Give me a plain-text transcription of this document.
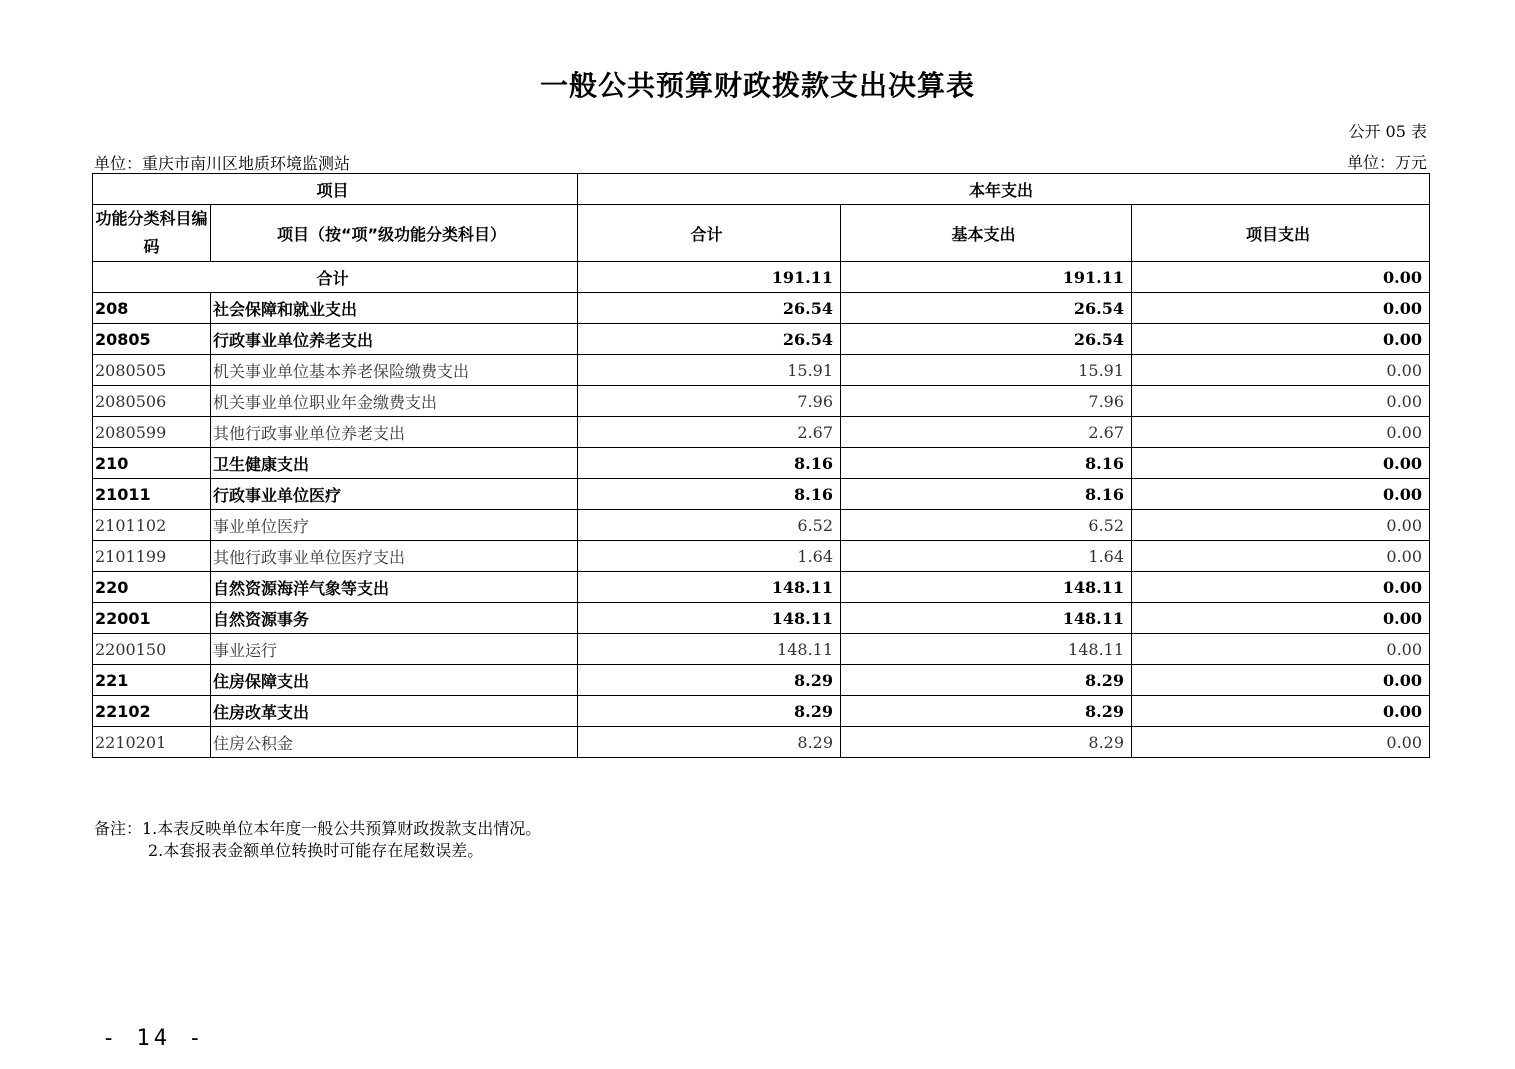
一般公共预算财政拨款支出决算表
公开 05 表
单位：重庆市南川区地质环境监测站	单位：万元
项目		本年支出		
功能分类科目编码	项目（按“项”级功能分类科目）	合计	基本支出	项目支出
合计		191.11	191.11	0.00
208	社会保障和就业支出	26.54	26.54	0.00
20805	行政事业单位养老支出	26.54	26.54	0.00
2080505	机关事业单位基本养老保险缴费支出	15.91	15.91	0.00
2080506	机关事业单位职业年金缴费支出	7.96	7.96	0.00
2080599	其他行政事业单位养老支出	2.67	2.67	0.00
210	卫生健康支出	8.16	8.16	0.00
21011	行政事业单位医疗	8.16	8.16	0.00
2101102	事业单位医疗	6.52	6.52	0.00
2101199	其他行政事业单位医疗支出	1.64	1.64	0.00
220	自然资源海洋气象等支出	148.11	148.11	0.00
22001	自然资源事务	148.11	148.11	0.00
2200150	事业运行	148.11	148.11	0.00
221	住房保障支出	8.29	8.29	0.00
22102	住房改革支出	8.29	8.29	0.00
2210201	住房公积金	8.29	8.29	0.00
备注：1.本表反映单位本年度一般公共预算财政拨款支出情况。
2.本套报表金额单位转换时可能存在尾数误差。
- 14 -
